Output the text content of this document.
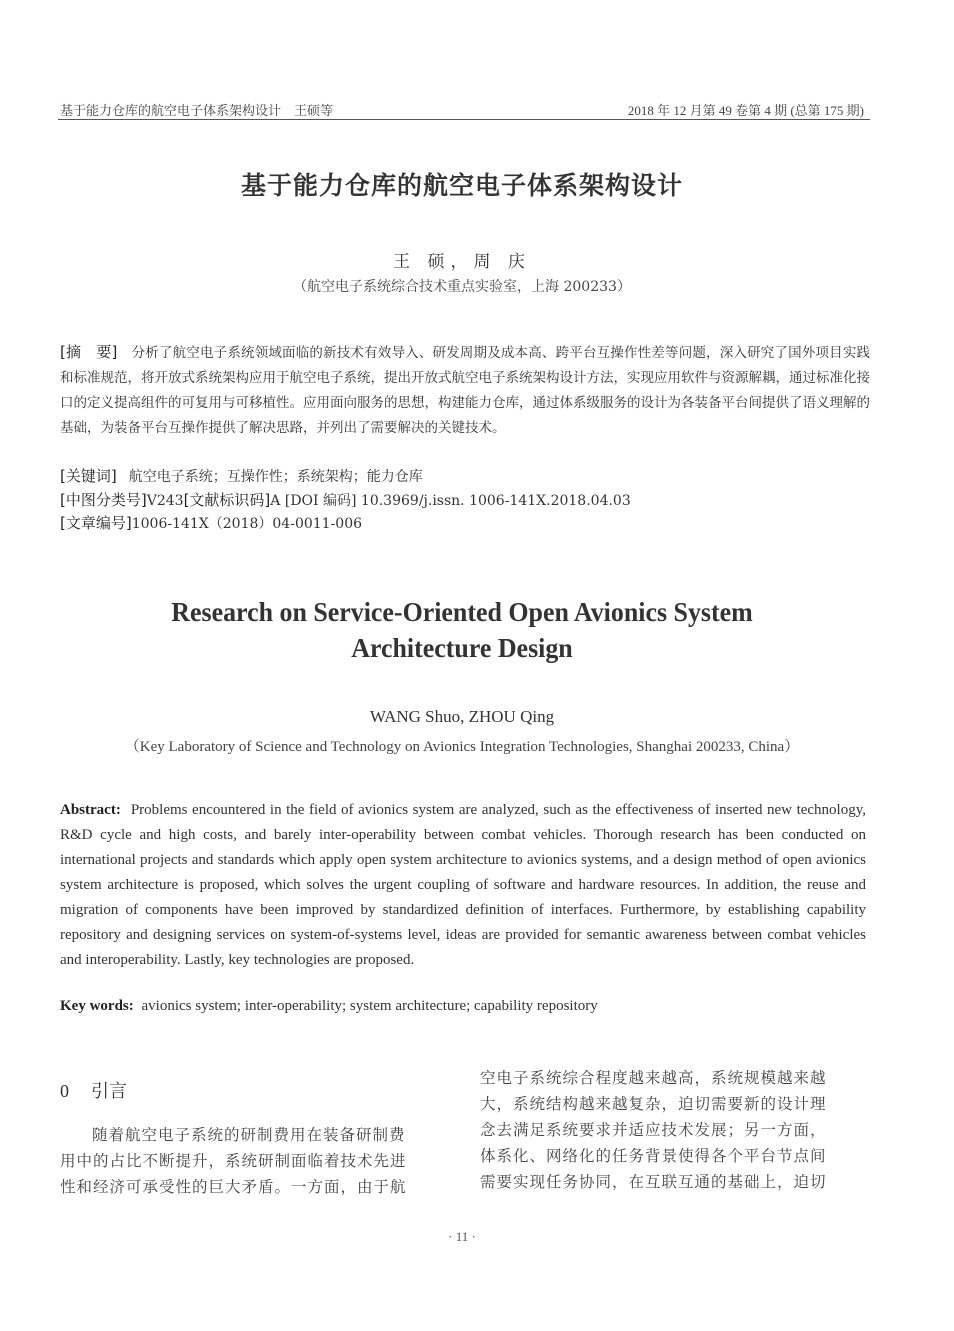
基于能力仓库的航空电子体系架构设计　王硕等	2018 年 12 月第 49 卷第 4 期 (总第 175 期)
基于能力仓库的航空电子体系架构设计
王 硕，周 庆
（航空电子系统综合技术重点实验室，上海 200233）
[摘　要] 分析了航空电子系统领域面临的新技术有效导入、研发周期及成本高、跨平台互操作性差等问题，深入研究了国外项目实践和标准规范，将开放式系统架构应用于航空电子系统，提出开放式航空电子系统架构设计方法，实现应用软件与资源解耦，通过标准化接口的定义提高组件的可复用与可移植性。应用面向服务的思想，构建能力仓库，通过体系级服务的设计为各装备平台间提供了语义理解的基础，为装备平台互操作提供了解决思路，并列出了需要解决的关键技术。
[关键词] 航空电子系统；互操作性；系统架构；能力仓库
[中图分类号]V243[文献标识码]A [DOI 编码] 10.3969/j.issn. 1006-141X.2018.04.03
[文章编号]1006-141X（2018）04-0011-006
Research on Service-Oriented Open Avionics System
Architecture Design
WANG Shuo, ZHOU Qing
（Key Laboratory of Science and Technology on Avionics Integration Technologies, Shanghai 200233, China）
Abstract: Problems encountered in the field of avionics system are analyzed, such as the effectiveness of inserted new technology, R&D cycle and high costs, and barely inter-operability between combat vehicles. Thorough research has been conducted on international projects and standards which apply open system architecture to avionics systems, and a design method of open avionics system architecture is proposed, which solves the urgent coupling of software and hardware resources. In addition, the reuse and migration of components have been improved by standardized definition of interfaces. Furthermore, by establishing capability repository and designing services on system-of-systems level, ideas are provided for semantic awareness between combat vehicles and interoperability. Lastly, key technologies are proposed.
Key words: avionics system; inter-operability; system architecture; capability repository
0 引言
随着航空电子系统的研制费用在装备研制费
用中的占比不断提升，系统研制面临着技术先进
性和经济可承受性的巨大矛盾。一方面，由于航
空电子系统综合程度越来越高，系统规模越来越
大，系统结构越来越复杂，迫切需要新的设计理
念去满足系统要求并适应技术发展；另一方面，
体系化、网络化的任务背景使得各个平台节点间
需要实现任务协同，在互联互通的基础上，迫切
· 11 ·
